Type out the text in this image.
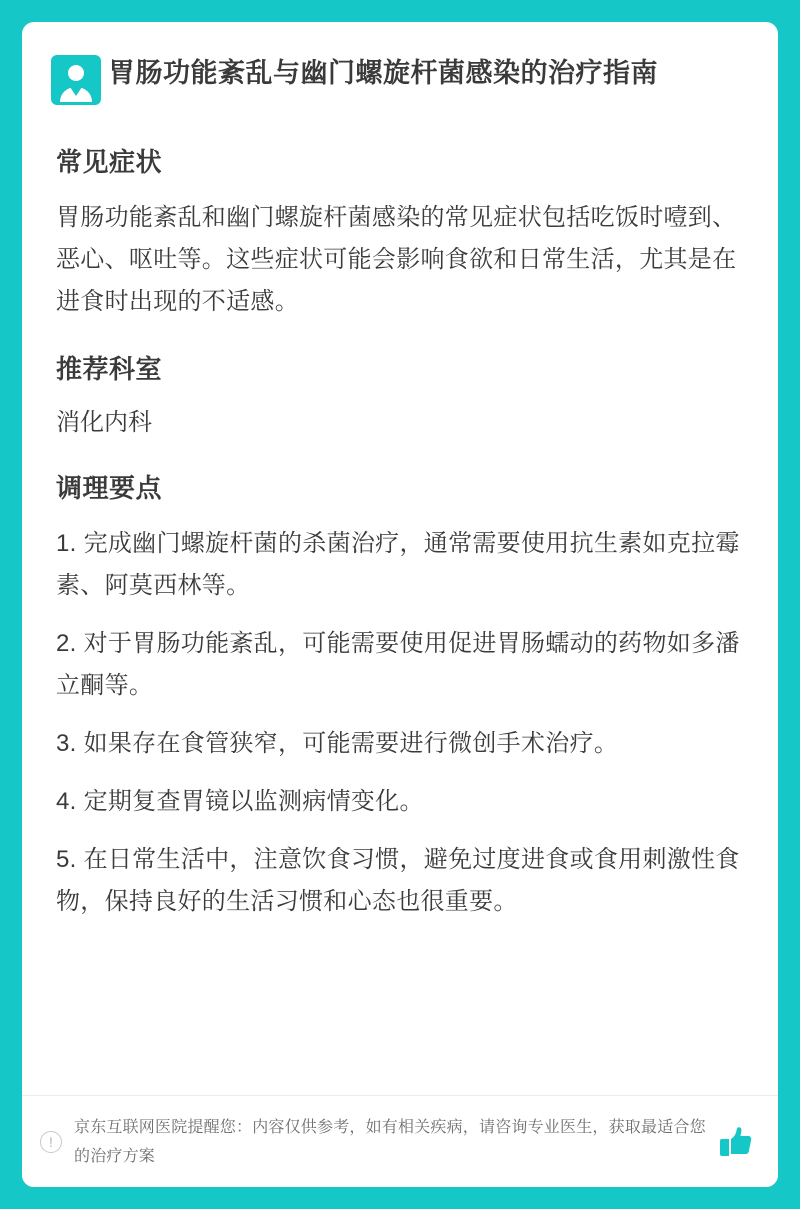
胃肠功能紊乱与幽门螺旋杆菌感染的治疗指南
常见症状

胃肠功能紊乱和幽门螺旋杆菌感染的常见症状包括吃饭时噎到、恶心、呕吐等。这些症状可能会影响食欲和日常生活，尤其是在进食时出现的不适感。

推荐科室

消化内科

调理要点
1. 完成幽门螺旋杆菌的杀菌治疗，通常需要使用抗生素如克拉霉素、阿莫西林等。
2. 对于胃肠功能紊乱，可能需要使用促进胃肠蠕动的药物如多潘立酮等。
3. 如果存在食管狭窄，可能需要进行微创手术治疗。
4. 定期复查胃镜以监测病情变化。
5. 在日常生活中，注意饮食习惯，避免过度进食或食用刺激性食物，保持良好的生活习惯和心态也很重要。
!
京东互联网医院提醒您：内容仅供参考，如有相关疾病，请咨询专业医生，获取最适合您的治疗方案
